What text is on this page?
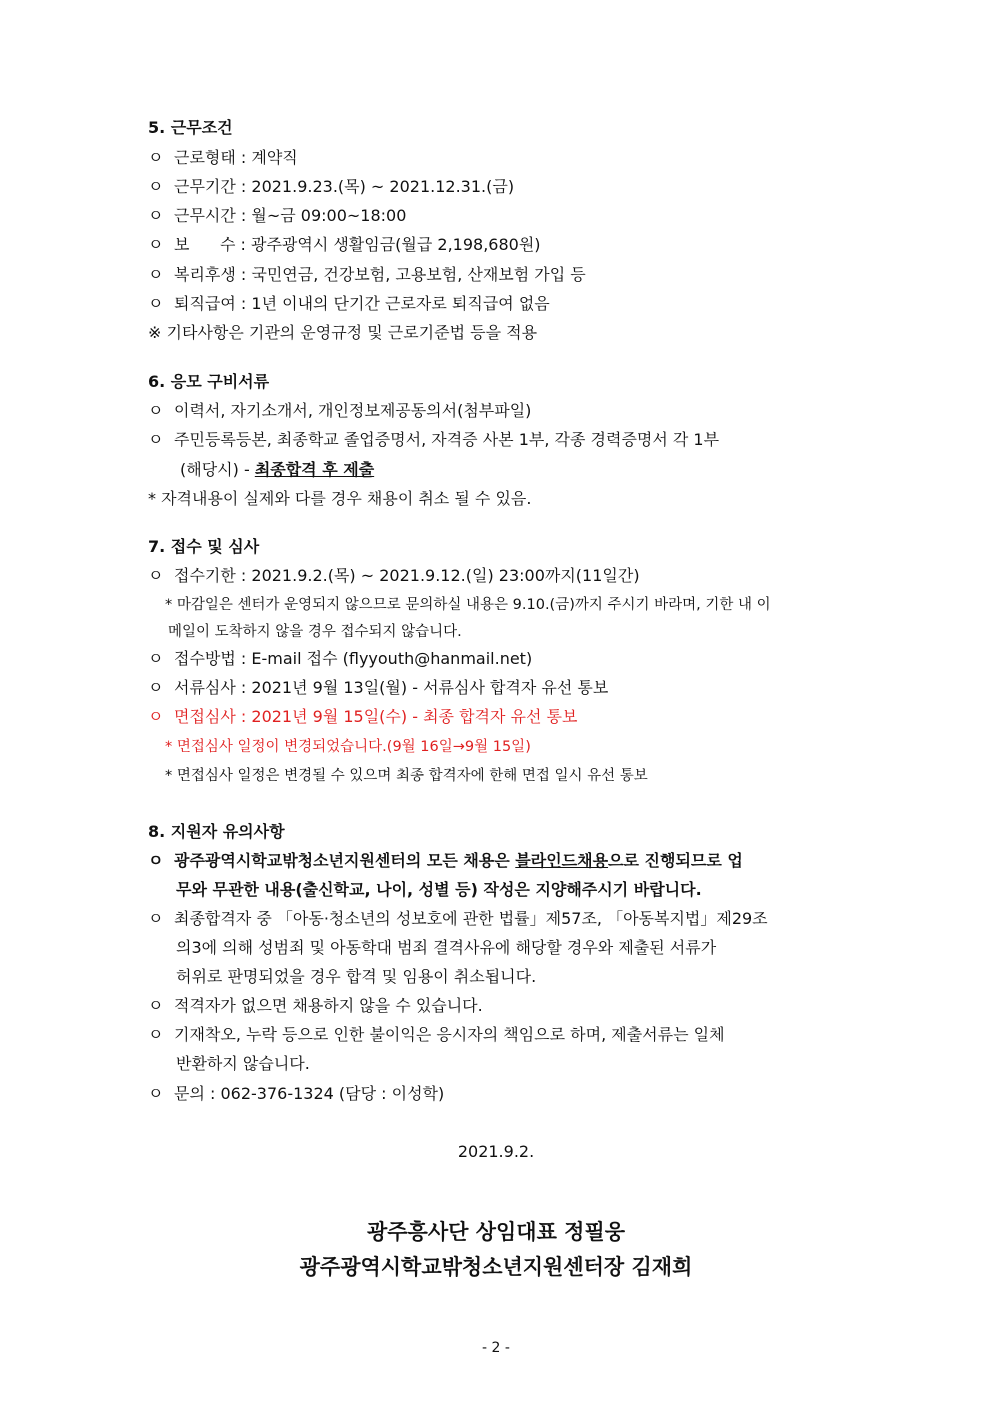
5. 근무조건
ㅇ 근로형태 : 계약직
ㅇ 근무기간 : 2021.9.23.(목) ~ 2021.12.31.(금)
ㅇ 근무시간 : 월~금 09:00~18:00
ㅇ 보      수 : 광주광역시 생활임금(월급 2,198,680원)
ㅇ 복리후생 : 국민연금, 건강보험, 고용보험, 산재보험 가입 등
ㅇ 퇴직급여 : 1년 이내의 단기간 근로자로 퇴직급여 없음
※ 기타사항은 기관의 운영규정 및 근로기준법 등을 적용
6. 응모 구비서류
ㅇ 이력서, 자기소개서, 개인정보제공동의서(첨부파일)
ㅇ 주민등록등본, 최종학교 졸업증명서, 자격증 사본 1부, 각종 경력증명서 각 1부
(해당시) - 최종합격 후 제출
* 자격내용이 실제와 다를 경우 채용이 취소 될 수 있음.
7. 접수 및 심사
ㅇ 접수기한 : 2021.9.2.(목) ~ 2021.9.12.(일) 23:00까지(11일간)
* 마감일은 센터가 운영되지 않으므로 문의하실 내용은 9.10.(금)까지 주시기 바라며, 기한 내 이
메일이 도착하지 않을 경우 접수되지 않습니다.
ㅇ 접수방법 : E-mail 접수 (flyyouth@hanmail.net)
ㅇ 서류심사 : 2021년 9월 13일(월) - 서류심사 합격자 유선 통보
ㅇ 면접심사 : 2021년 9월 15일(수) - 최종 합격자 유선 통보
* 면접심사 일정이 변경되었습니다.(9월 16일→9월 15일)
* 면접심사 일정은 변경될 수 있으며 최종 합격자에 한해 면접 일시 유선 통보
8. 지원자 유의사항
ㅇ 광주광역시학교밖청소년지원센터의 모든 채용은 블라인드채용으로 진행되므로 업
무와 무관한 내용(출신학교, 나이, 성별 등) 작성은 지양해주시기 바랍니다.
ㅇ 최종합격자 중 「아동·청소년의 성보호에 관한 법률」제57조, 「아동복지법」제29조
의3에 의해 성범죄 및 아동학대 범죄 결격사유에 해당할 경우와 제출된 서류가
허위로 판명되었을 경우 합격 및 임용이 취소됩니다.
ㅇ 적격자가 없으면 채용하지 않을 수 있습니다.
ㅇ 기재착오, 누락 등으로 인한 불이익은 응시자의 책임으로 하며, 제출서류는 일체
반환하지 않습니다.
ㅇ 문의 : 062-376-1324 (담당 : 이성학)
2021.9.2.
광주흥사단 상임대표 정필웅
광주광역시학교밖청소년지원센터장 김재희
- 2 -
